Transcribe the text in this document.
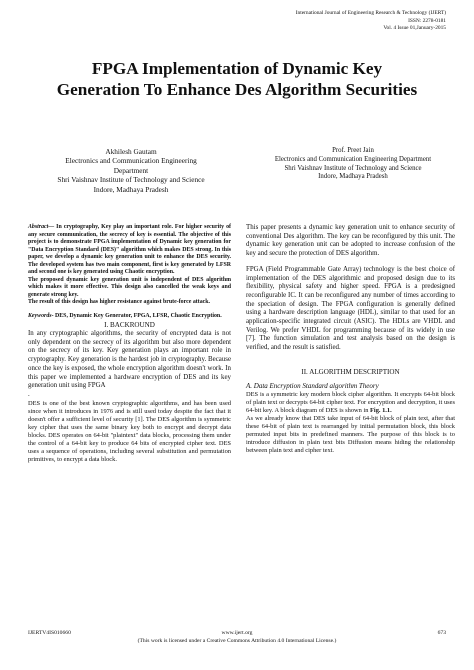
International Journal of Engineering Research & Technology (IJERT)
ISSN: 2278-0181
Vol. 4 Issue 01,January-2015
FPGA Implementation of Dynamic Key
Generation To Enhance Des Algorithm Securities
Akhilesh Gautam
Electronics and Communication Engineering
Department
Shri Vaishnav Institute of Technology and Science
Indore, Madhaya Pradesh
Prof. Preet Jain
Electronics and Communication Engineering Department
Shri Vaishnav Institute of Technology and Science
Indore, Madhaya Pradesh

Abstract— In cryptography, Key play an important role. For higher security of any secure communication, the secrecy of key is essential. The objective of this project is to demonstrate FPGA implementation of Dynamic key generation for "Data Encryption Standard (DES)" algorithm which makes DES strong. In this paper, we develop a dynamic key generation unit to enhance the DES security. The developed system has two main component, first is key generated by LFSR and second one is key generated using Chaotic encryption.

The proposed dynamic key generation unit is independent of DES algorithm which makes it more effective. This design also cancelled the weak keys and generate strong key.

The result of this design has higher resistance against brute-force attack.

Keywords- DES, Dynamic Key Generator, FPGA, LFSR, Chaotic Encryption.

I. BACKROUND

In any cryptographic algorithms, the security of encrypted data is not only dependent on the secrecy of its algorithm but also more dependent on the secrecy of its key. Key generation plays an important role in cryptography. Key generation is the hardest job in cryptography. Because once the key is exposed, the whole encryption algorithm doesn't work. In this paper we implemented a hardware encryption of DES and its key generation unit using FPGA

.

DES is one of the best known cryptographic algorithms, and has been used since when it introduces in 1976 and is still used today despite the fact that it doesn't offer a sufficient level of security [1]. The DES algorithm is symmetric key cipher that uses the same binary key both to encrypt and decrypt data blocks. DES operates on 64-bit "plaintext" data blocks, processing them under the control of a 64-bit key to produce 64 bits of encrypted cipher text. DES uses a sequence of operations, including several substitution and permutation primitives, to encrypt a data block.

This paper presents a dynamic key generation unit to enhance security of conventional Des algorithm. The key can be reconfigured by this unit. The dynamic key generation unit can be adopted to increase confusion of the key and secure the protection of DES algorithm.

FPGA (Field Programmable Gate Array) technology is the best choice of implementation of the DES algorithmic and proposed design due to its flexibility, physical safety and higher speed. FPGA is a predesigned reconfigurable IC. It can be reconfigured any number of times according to the speciation of design. The FPGA configuration is generally defined using a hardware description language (HDL), similar to that used for an application-specific integrated circuit (ASIC). The HDLs are VHDL and Verilog. We prefer VHDL for programming because of its widely in use [7]. The function simulation and test analysis based on the design is verified, and the result is satisfied.

II. ALGORITHM DESCRIPTION

A. Data Encryption Standard algorithm Theory

DES is a symmetric key modern block cipher algorithm. It encrypts 64-bit block of plain text or decrypts 64-bit cipher text. For encryption and decryption, it uses 64-bit key. A block diagram of DES is shown in Fig. 1.1.

As we already know that DES take input of 64-bit block of plain text, after that these 64-bit of plain text is rearranged by initial permutation block, this block permuted input bits in predefined manners. The purpose of this block is to introduce diffusion in plain text bits Diffusion means hiding the relationship between plain text and cipher text.

IJERTV4IS010660	www.ijert.org	673
(This work is licensed under a Creative Commons Attribution 4.0 International License.)
